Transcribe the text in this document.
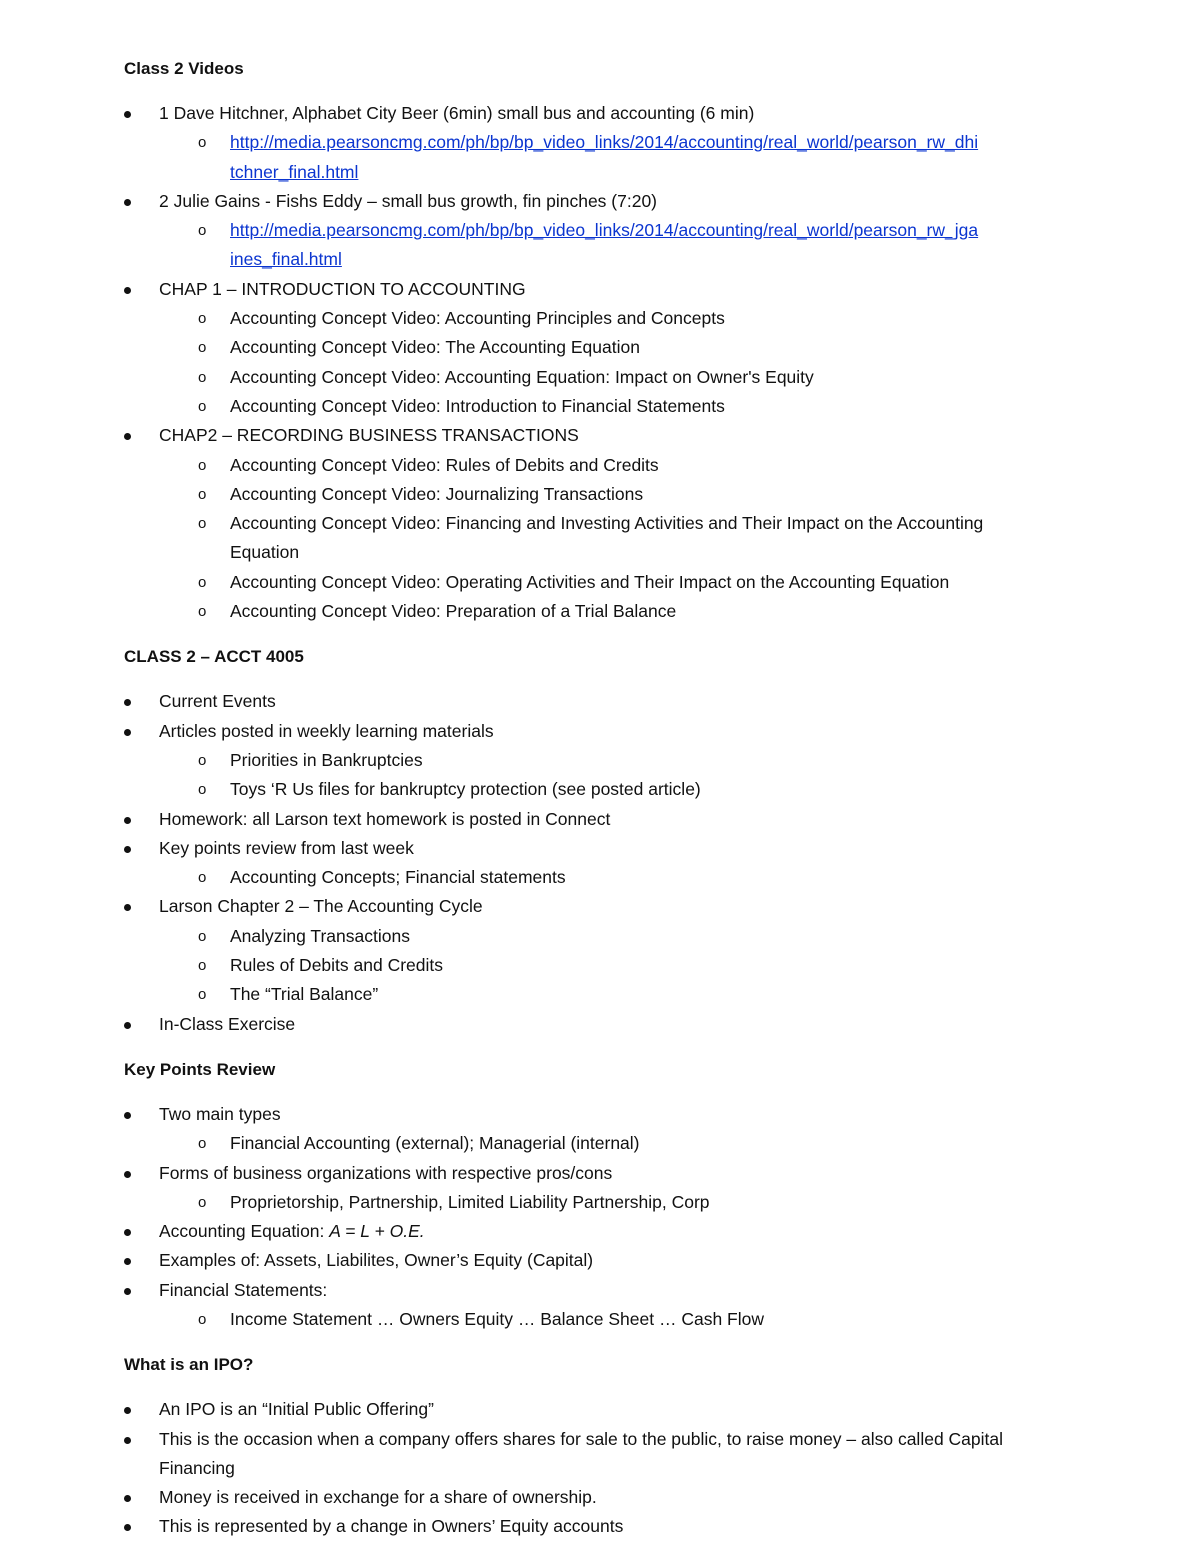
Class 2 Videos
1 Dave Hitchner, Alphabet City Beer (6min) small bus and accounting (6 min)
o http://media.pearsoncmg.com/ph/bp/bp_video_links/2014/accounting/real_world/pearson_rw_dhi
tchner_final.html
2 Julie Gains - Fishs Eddy – small bus growth, fin pinches (7:20)
o http://media.pearsoncmg.com/ph/bp/bp_video_links/2014/accounting/real_world/pearson_rw_jga
ines_final.html
CHAP 1 – INTRODUCTION TO ACCOUNTING
o Accounting Concept Video: Accounting Principles and Concepts
o Accounting Concept Video: The Accounting Equation
o Accounting Concept Video: Accounting Equation: Impact on Owner's Equity
o Accounting Concept Video: Introduction to Financial Statements
CHAP2 – RECORDING BUSINESS TRANSACTIONS
o Accounting Concept Video: Rules of Debits and Credits
o Accounting Concept Video: Journalizing Transactions
o Accounting Concept Video: Financing and Investing Activities and Their Impact on the Accounting
Equation
o Accounting Concept Video: Operating Activities and Their Impact on the Accounting Equation
o Accounting Concept Video: Preparation of a Trial Balance
CLASS 2 – ACCT 4005
Current Events
Articles posted in weekly learning materials
o Priorities in Bankruptcies
o Toys ‘R Us files for bankruptcy protection (see posted article)
Homework: all Larson text homework is posted in Connect
Key points review from last week
o Accounting Concepts; Financial statements
Larson Chapter 2 – The Accounting Cycle
o Analyzing Transactions
o Rules of Debits and Credits
o The “Trial Balance”
In-Class Exercise
Key Points Review
Two main types
o Financial Accounting (external); Managerial (internal)
Forms of business organizations with respective pros/cons
o Proprietorship, Partnership, Limited Liability Partnership, Corp
Accounting Equation: A = L + O.E.
Examples of: Assets, Liabilites, Owner’s Equity (Capital)
Financial Statements:
o Income Statement … Owners Equity … Balance Sheet … Cash Flow
What is an IPO?
An IPO is an “Initial Public Offering”
This is the occasion when a company offers shares for sale to the public, to raise money – also called Capital
Financing
Money is received in exchange for a share of ownership.
This is represented by a change in Owners’ Equity accounts
